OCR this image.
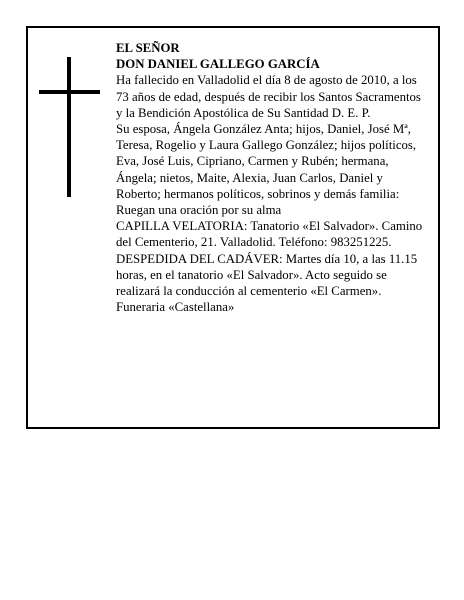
EL SEÑOR

DON DANIEL GALLEGO GARCÍA

Ha fallecido en Valladolid el día 8 de agosto de 2010, a los 73 años de edad, después de recibir los Santos Sacramentos y la Bendición Apostólica de Su Santidad D. E. P.

Su esposa, Ángela González Anta; hijos, Daniel, José Mª, Teresa, Rogelio y Laura Gallego González; hijos políticos, Eva, José Luis, Cipriano, Carmen y Rubén; hermana, Ángela; nietos, Maite, Alexia, Juan Carlos, Daniel y Roberto; hermanos políticos, sobrinos y demás familia:

Ruegan una oración por su alma

CAPILLA VELATORIA: Tanatorio «El Salvador». Camino del Cementerio, 21. Valladolid. Teléfono: 983251225.

DESPEDIDA DEL CADÁVER: Martes día 10, a las 11.15 horas, en el tanatorio «El Salvador». Acto seguido se realizará la conducción al cementerio «El Carmen».

Funeraria «Castellana»
